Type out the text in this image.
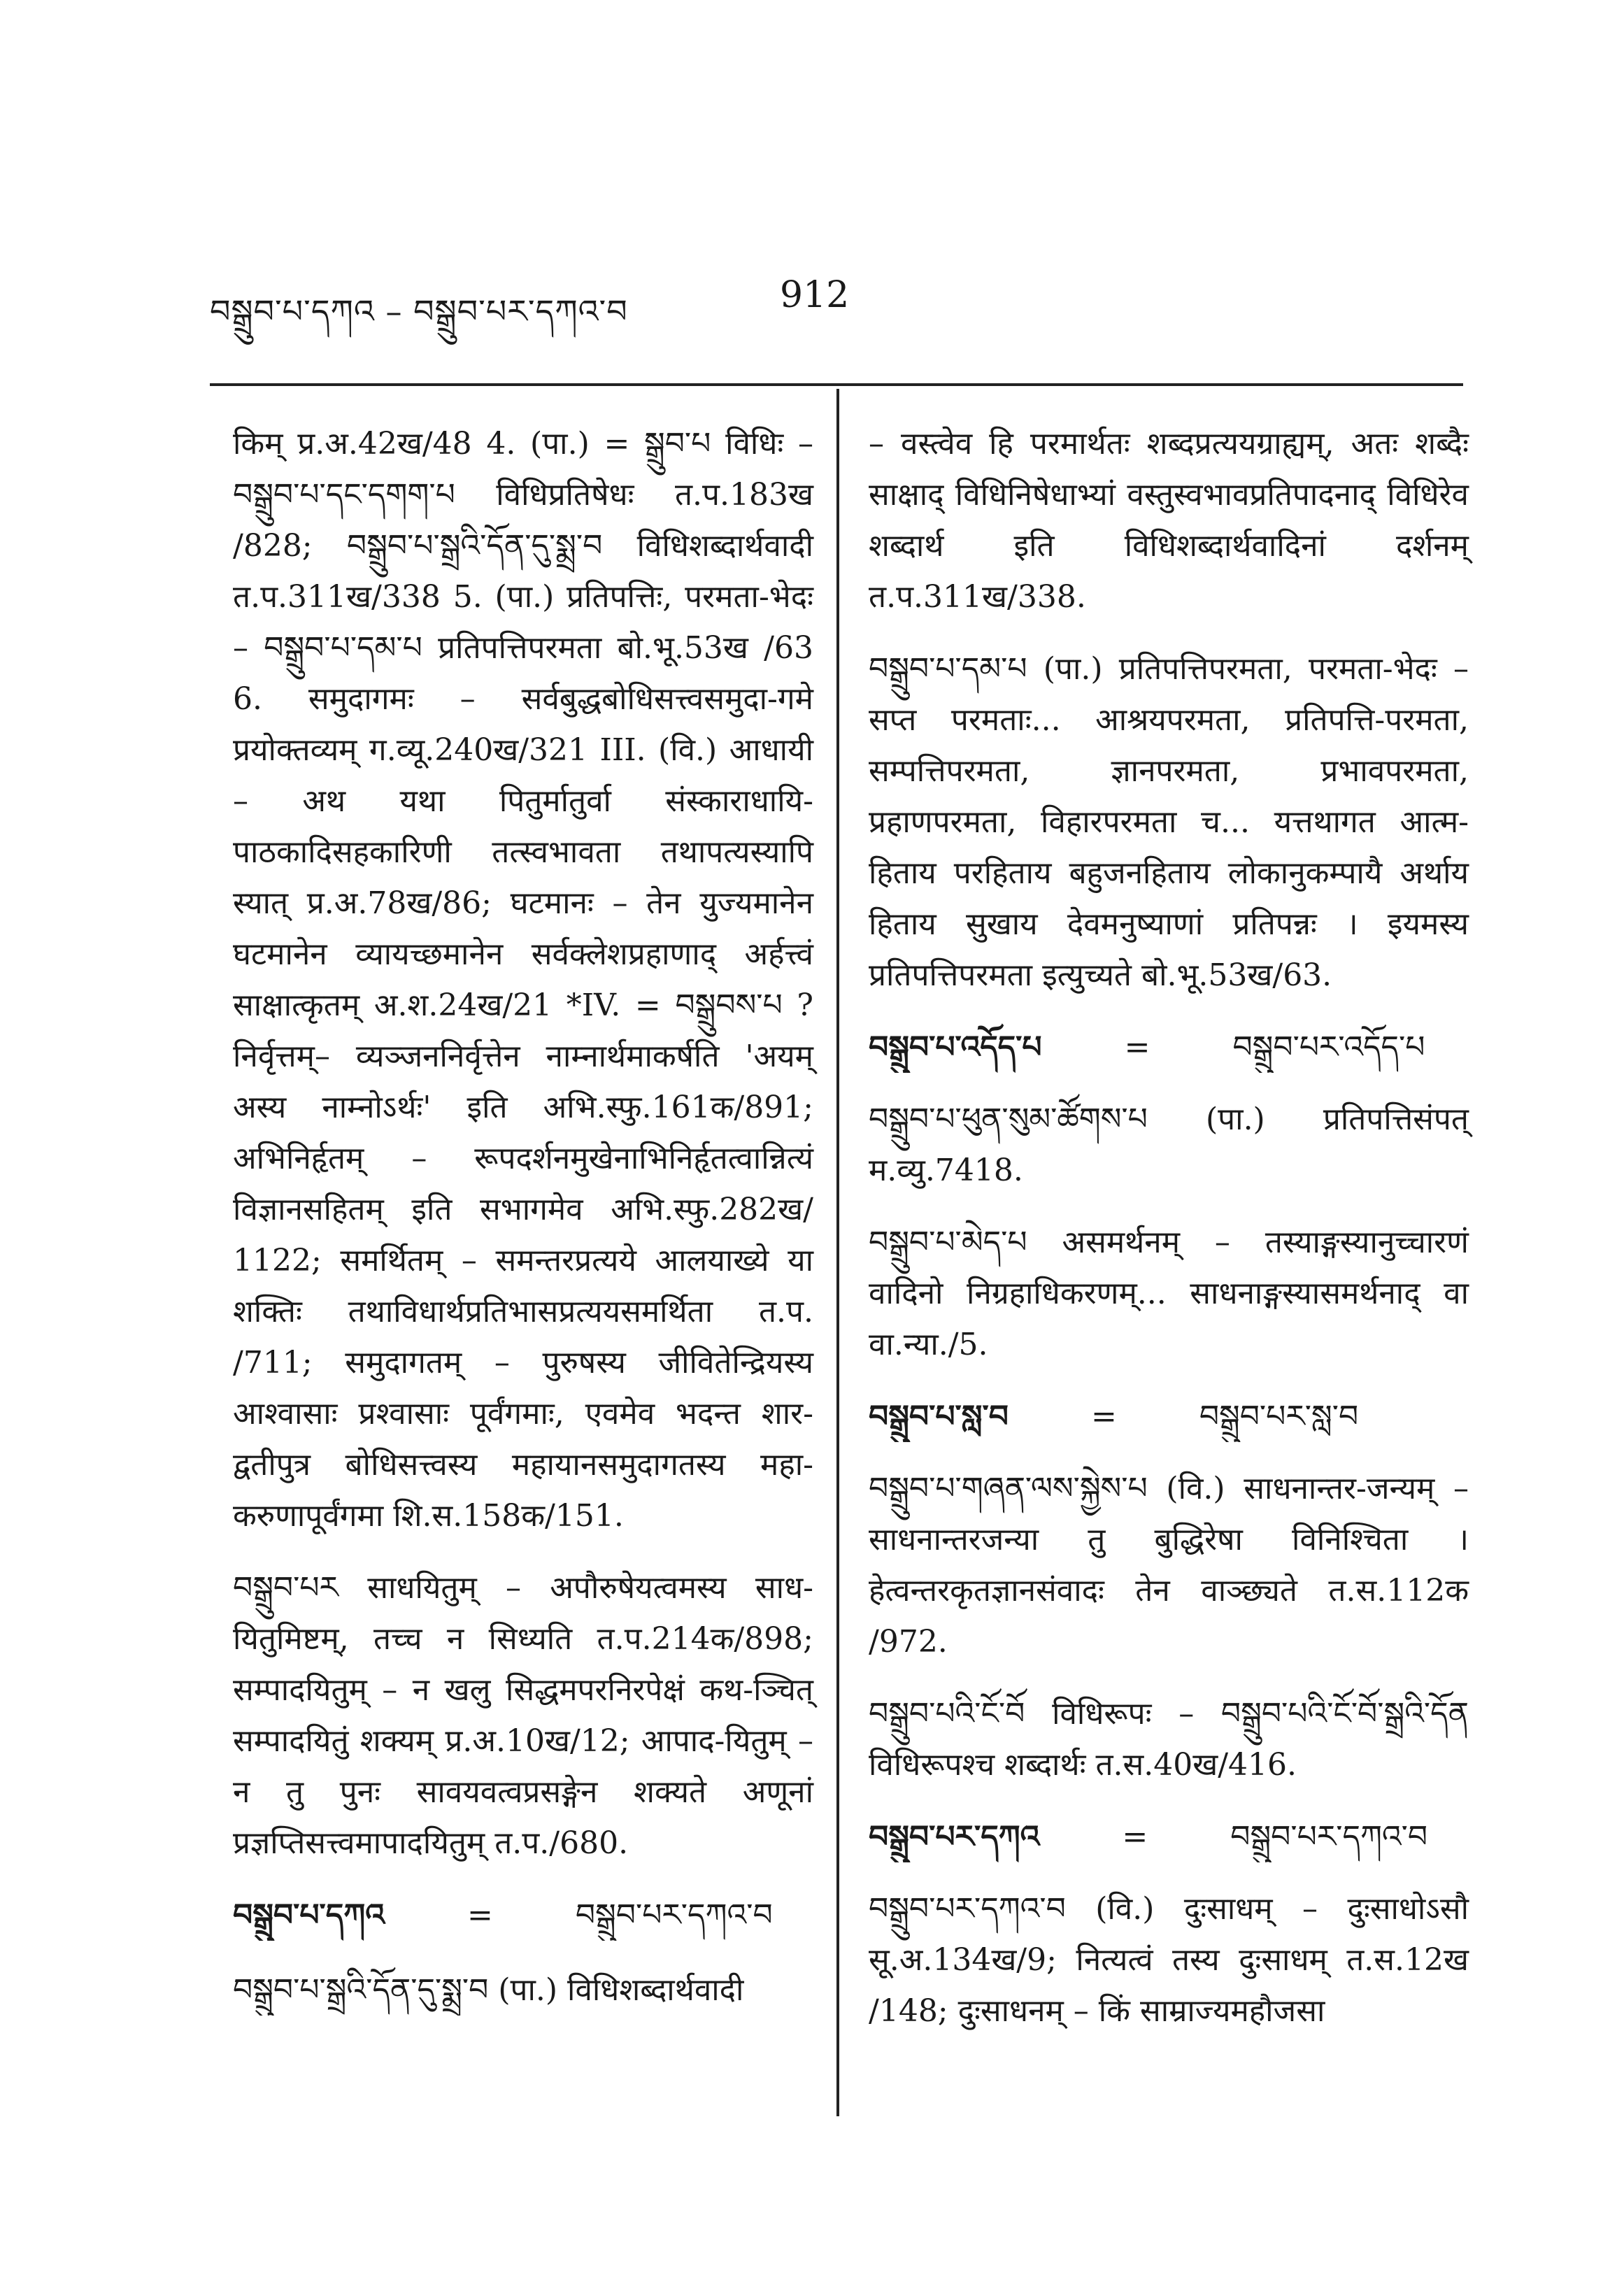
བསྒྲུབ་པ་དཀའ – བསྒྲུབ་པར་དཀའ་བ	912

किम् प्र.अ.42ख/48 4. (पा.) = སྒྲུབ་པ विधिः – བསྒྲུབ་པ་དང་དགག་པ विधिप्रतिषेधः त.प.183ख /828; བསྒྲུབ་པ་སྒྲའི་དོན་དུ་སྨྲ་བ विधिशब्दार्थवादी त.प.311ख/338 5. (पा.) प्रतिपत्तिः, परमता-भेदः – བསྒྲུབ་པ་དམ་པ प्रतिपत्तिपरमता बो.भू.53ख /63 6. समुदागमः – सर्वबुद्धबोधिसत्त्वसमुदा-गमे प्रयोक्तव्यम् ग.व्यू.240ख/321 III. (वि.) आधायी – अथ यथा पितुर्मातुर्वा संस्काराधायि-पाठकादिसहकारिणी तत्स्वभावता तथापत्यस्यापि स्यात् प्र.अ.78ख/86; घटमानः – तेन युज्यमानेन घटमानेन व्यायच्छमानेन सर्वक्लेशप्रहाणाद् अर्हत्त्वं साक्षात्कृतम् अ.श.24ख/21 *IV. = བསྒྲུབས་པ ? निर्वृत्तम्– व्यञ्जननिर्वृत्तेन नाम्नार्थमाकर्षति 'अयम् अस्य नाम्नोऽर्थः' इति अभि.स्फु.161क/891; अभिनिर्हृतम् – रूपदर्शनमुखेनाभिनिर्हृतत्वान्नित्यं विज्ञानसहितम् इति सभागमेव अभि.स्फु.282ख/ 1122; समर्थितम् – समन्तरप्रत्यये आलयाख्ये या शक्तिः तथाविधार्थप्रतिभासप्रत्ययसमर्थिता त.प. /711; समुदागतम् – पुरुषस्य जीवितेन्द्रियस्य आश्वासाः प्रश्वासाः पूर्वंगमाः, एवमेव भदन्त शार-द्वतीपुत्र बोधिसत्त्वस्य महायानसमुदागतस्य महा-करुणापूर्वंगमा शि.स.158क/151.

བསྒྲུབ་པར साधयितुम् – अपौरुषेयत्वमस्य साध-यितुमिष्टम्, तच्च न सिध्यति त.प.214क/898; सम्पादयितुम् – न खलु सिद्धमपरनिरपेक्षं कथ-ञ्चित् सम्पादयितुं शक्यम् प्र.अ.10ख/12; आपाद-यितुम् – न तु पुनः सावयवत्वप्रसङ्गेन शक्यते अणूनां प्रज्ञप्तिसत्त्वमापादयितुम् त.प./680.

བསྒྲུབ་པ་དཀའ	=	བསྒྲུབ་པར་དཀའ་བ
བསྒྲུབ་པ་སྒྲའི་དོན་དུ་སྨྲ་བ (पा.) विधिशब्दार्थवादी

– वस्त्वेव हि परमार्थतः शब्दप्रत्ययग्राह्यम्, अतः शब्दैः साक्षाद् विधिनिषेधाभ्यां वस्तुस्वभावप्रतिपादनाद् विधिरेव शब्दार्थ इति विधिशब्दार्थवादिनां दर्शनम् त.प.311ख/338.

བསྒྲུབ་པ་དམ་པ (पा.) प्रतिपत्तिपरमता, परमता-भेदः – सप्त परमताः... आश्रयपरमता, प्रतिपत्ति-परमता, सम्पत्तिपरमता, ज्ञानपरमता, प्रभावपरमता, प्रहाणपरमता, विहारपरमता च... यत्तथागत आत्म-हिताय परहिताय बहुजनहिताय लोकानुकम्पायै अर्थाय हिताय सुखाय देवमनुष्याणां प्रतिपन्नः । इयमस्य प्रतिपत्तिपरमता इत्युच्यते बो.भू.53ख/63.

བསྒྲུབ་པ་འདོད་པ	=	བསྒྲུབ་པར་འདོད་པ

བསྒྲུབ་པ་ཕུན་སུམ་ཚོགས་པ (पा.) प्रतिपत्तिसंपत् म.व्यु.7418.

བསྒྲུབ་པ་མེད་པ असमर्थनम् – तस्याङ्गस्यानुच्चारणं वादिनो निग्रहाधिकरणम्... साधनाङ्गस्यासमर्थनाद् वा वा.न्या./5.

བསྒྲུབ་པ་སླ་བ	=	བསྒྲུབ་པར་སླ་བ

བསྒྲུབ་པ་གཞན་ལས་སྐྱེས་པ (वि.) साधनान्तर-जन्यम् – साधनान्तरजन्या तु बुद्धिरेषा विनिश्चिता । हेत्वन्तरकृतज्ञानसंवादः तेन वाञ्छ्यते त.स.112क /972.

བསྒྲུབ་པའི་ངོ་བོ विधिरूपः – བསྒྲུབ་པའི་ངོ་བོ་སྒྲའི་དོན विधिरूपश्च शब्दार्थः त.स.40ख/416.

བསྒྲུབ་པར་དཀའ	=	བསྒྲུབ་པར་དཀའ་བ

བསྒྲུབ་པར་དཀའ་བ (वि.) दुःसाधम् – दुःसाधोऽसौ सू.अ.134ख/9; नित्यत्वं तस्य दुःसाधम् त.स.12ख /148; दुःसाधनम् – किं साम्राज्यमहौजसा
